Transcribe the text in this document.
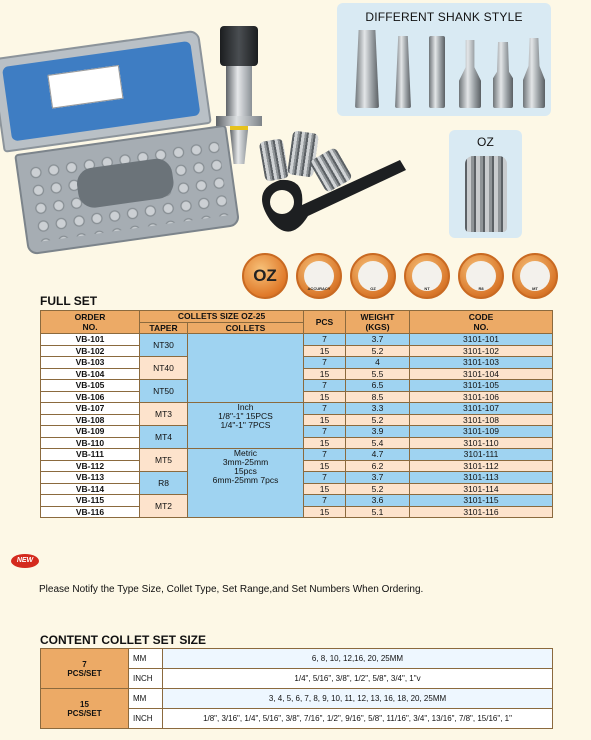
DIFFERENT SHANK STYLE
OZ
OZ
ACCURACY	OZ	NT	R8	MT
FULL SET
ORDER
NO.	COLLETS SIZE OZ-25		PCS	WEIGHT
(KGS)	CODE
NO.
	TAPER	COLLETS			
VB-101	NT30		7	3.7	3101-101
VB-102			15	5.2	3101-102
VB-103	NT40		7	4	3101-103
VB-104			15	5.5	3101-104
VB-105	NT50		7	6.5	3101-105
VB-106			15	8.5	3101-106
VB-107	MT3	Inch
1/8"-1" 15PCS
1/4"-1" 7PCS	7	3.3	3101-107
VB-108			15	5.2	3101-108
VB-109	MT4		7	3.9	3101-109
VB-110			15	5.4	3101-110
VB-111	MT5	Metric
3mm-25mm
15pcs
6mm-25mm 7pcs	7	4.7	3101-111
VB-112			15	6.2	3101-112
VB-113	R8		7	3.7	3101-113
VB-114			15	5.2	3101-114
VB-115	MT2		7	3.6	3101-115
VB-116			15	5.1	3101-116
NEW
Please Notify the Type Size, Collet Type, Set Range,and Set Numbers When Ordering.
CONTENT COLLET SET SIZE
7
PCS/SET	MM	6, 8, 10, 12,16, 20, 25MM
	INCH	1/4", 5/16", 3/8", 1/2", 5/8", 3/4", 1"v
15
PCS/SET	MM	3, 4, 5, 6, 7, 8, 9, 10, 11, 12, 13, 16, 18, 20, 25MM
	INCH	1/8", 3/16", 1/4", 5/16", 3/8", 7/16", 1/2", 9/16", 5/8", 11/16", 3/4", 13/16", 7/8", 15/16", 1"
